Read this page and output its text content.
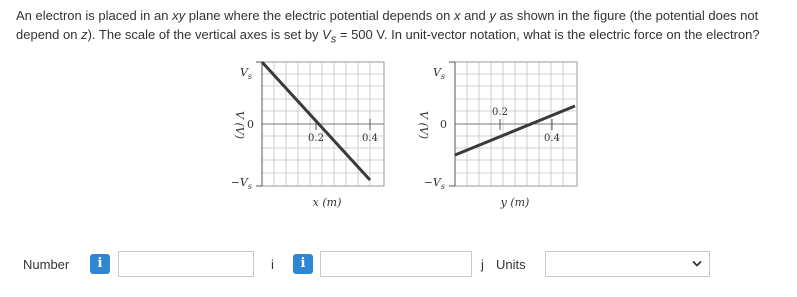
An electron is placed in an xy plane where the electric potential depends on x and y as shown in the figure (the potential does not depend on z). The scale of the vertical axes is set by $V_s = 500$ V. In unit-vector notation, what is the electric force on the electron?
$V_s$
0
$-V_s$
0.2	0.4
x (m)
V (V)
$V_s$
0
$-V_s$
0.2
0.4
y (m)
V (V)
Number	i	i	i	j Units
